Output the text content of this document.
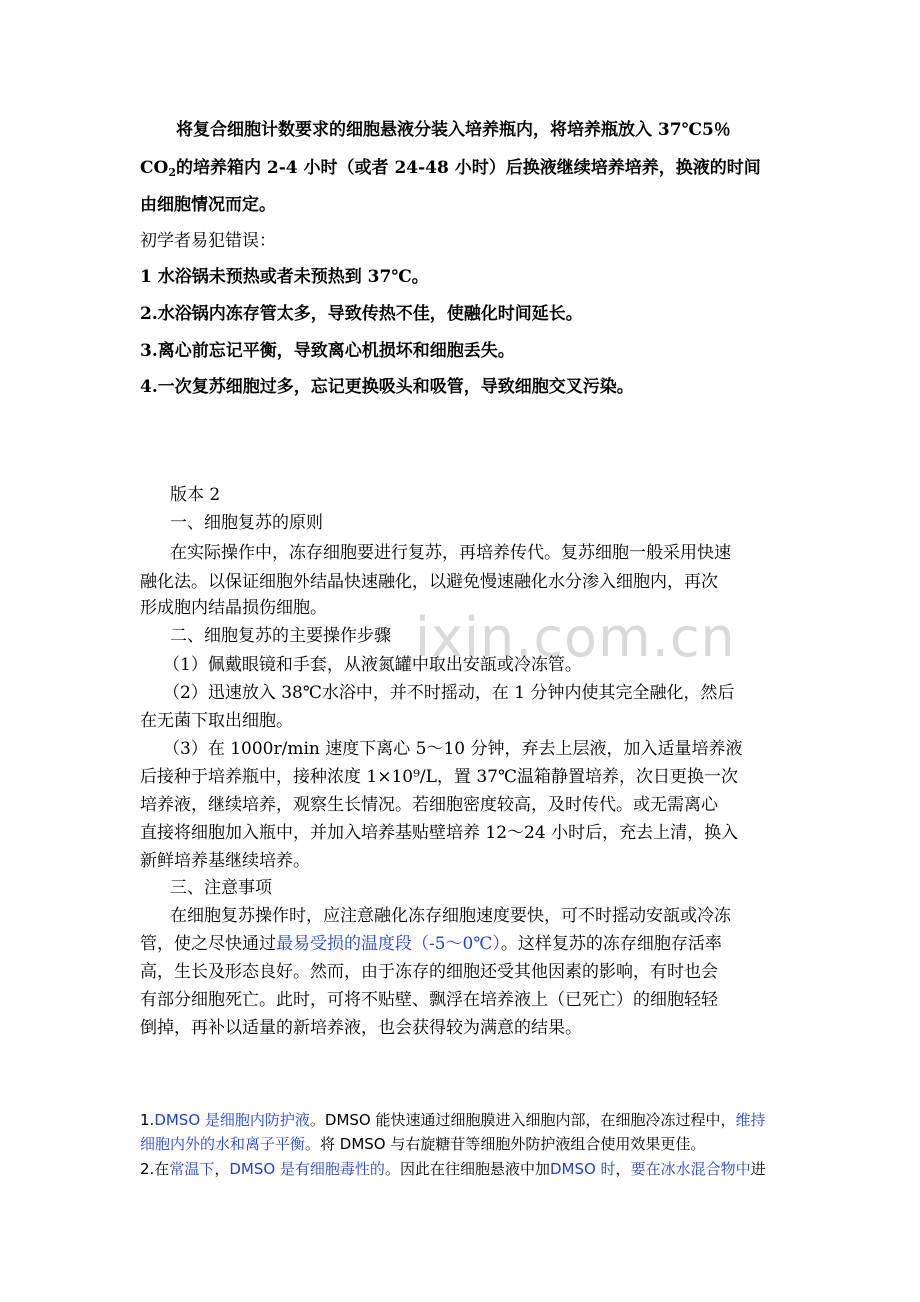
ixin.com.cn
将复合细胞计数要求的细胞悬液分装入培养瓶内，将培养瓶放入 37℃5％
$CO_2$的培养箱内 2-4 小时（或者 24-48 小时）后换液继续培养培养，换液的时间
由细胞情况而定。
初学者易犯错误：
1 水浴锅未预热或者未预热到 37℃。
2.水浴锅内冻存管太多，导致传热不佳，使融化时间延长。
3.离心前忘记平衡，导致离心机损坏和细胞丢失。
4.一次复苏细胞过多，忘记更换吸头和吸管，导致细胞交叉污染。
版本 2
一、细胞复苏的原则
在实际操作中，冻存细胞要进行复苏，再培养传代。复苏细胞一般采用快速
融化法。以保证细胞外结晶快速融化，以避免慢速融化水分渗入细胞内，再次
形成胞内结晶损伤细胞。
二、细胞复苏的主要操作步骤
（1）佩戴眼镜和手套，从液氮罐中取出安瓿或冷冻管。
（2）迅速放入 38℃水浴中，并不时摇动，在 1 分钟内使其完全融化，然后
在无菌下取出细胞。
（3）在 1000r/min 速度下离心 5～10 分钟，弃去上层液，加入适量培养液
后接种于培养瓶中，接种浓度 1×10⁹/L，置 37℃温箱静置培养，次日更换一次
培养液，继续培养，观察生长情况。若细胞密度较高，及时传代。或无需离心
直接将细胞加入瓶中，并加入培养基贴壁培养 12～24 小时后，充去上清，换入
新鲜培养基继续培养。
三、注意事项
在细胞复苏操作时，应注意融化冻存细胞速度要快，可不时摇动安瓿或冷冻
管，使之尽快通过最易受损的温度段（-5～0℃）。这样复苏的冻存细胞存活率
高，生长及形态良好。然而，由于冻存的细胞还受其他因素的影响，有时也会
有部分细胞死亡。此时，可将不贴壁、飘浮在培养液上（已死亡）的细胞轻轻
倒掉，再补以适量的新培养液，也会获得较为满意的结果。
1.DMSO 是细胞内防护液。DMSO 能快速通过细胞膜进入细胞内部，在细胞冷冻过程中，维持
细胞内外的水和离子平衡。将 DMSO 与右旋糖苷等细胞外防护液组合使用效果更佳。
2.在常温下，DMSO 是有细胞毒性的。因此在往细胞悬液中加DMSO 时，要在冰水混合物中进
